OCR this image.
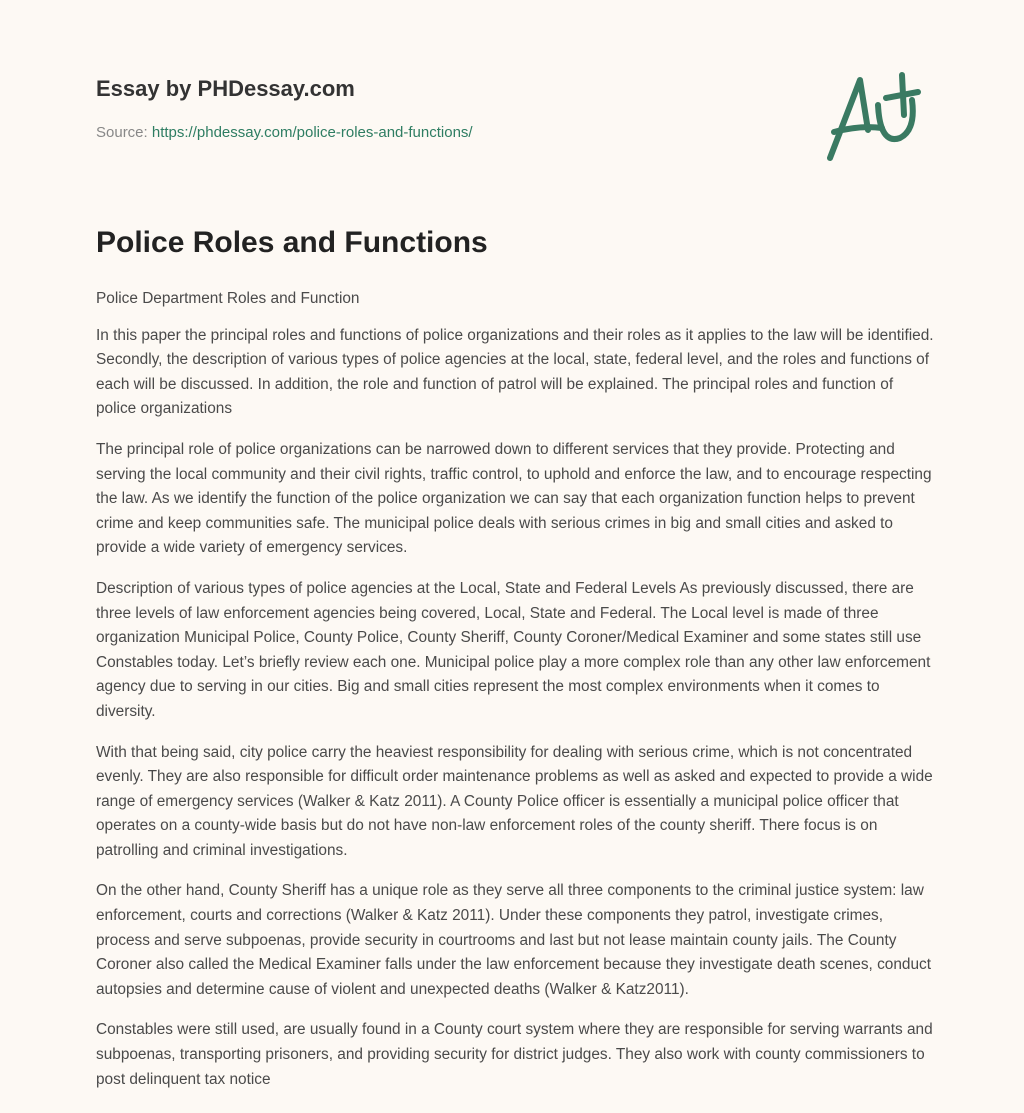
Essay by PHDessay.com
Source: https://phdessay.com/police-roles-and-functions/
Police Roles and Functions

Police Department Roles and Function

In this paper the principal roles and functions of police organizations and their roles as it applies to the law will be identified. Secondly, the description of various types of police agencies at the local, state, federal level, and the roles and functions of each will be discussed. In addition, the role and function of patrol will be explained. The principal roles and function of police organizations

The principal role of police organizations can be narrowed down to different services that they provide. Protecting and serving the local community and their civil rights, traffic control, to uphold and enforce the law, and to encourage respecting the law. As we identify the function of the police organization we can say that each organization function helps to prevent crime and keep communities safe. The municipal police deals with serious crimes in big and small cities and asked to provide a wide variety of emergency services.

Description of various types of police agencies at the Local, State and Federal Levels As previously discussed, there are three levels of law enforcement agencies being covered, Local, State and Federal. The Local level is made of three organization Municipal Police, County Police, County Sheriff, County Coroner/Medical Examiner and some states still use Constables today. Let’s briefly review each one. Municipal police play a more complex role than any other law enforcement agency due to serving in our cities. Big and small cities represent the most complex environments when it comes to diversity.

With that being said, city police carry the heaviest responsibility for dealing with serious crime, which is not concentrated evenly. They are also responsible for difficult order maintenance problems as well as asked and expected to provide a wide range of emergency services (Walker & Katz 2011). A County Police officer is essentially a municipal police officer that operates on a county-wide basis but do not have non-law enforcement roles of the county sheriff. There focus is on patrolling and criminal investigations.

On the other hand, County Sheriff has a unique role as they serve all three components to the criminal justice system: law enforcement, courts and corrections (Walker & Katz 2011). Under these components they patrol, investigate crimes, process and serve subpoenas, provide security in courtrooms and last but not lease maintain county jails. The County Coroner also called the Medical Examiner falls under the law enforcement because they investigate death scenes, conduct autopsies and determine cause of violent and unexpected deaths (Walker & Katz2011).

Constables were still used, are usually found in a County court system where they are responsible for serving warrants and subpoenas, transporting prisoners, and providing security for district judges. They also work with county commissioners to post delinquent tax notice
